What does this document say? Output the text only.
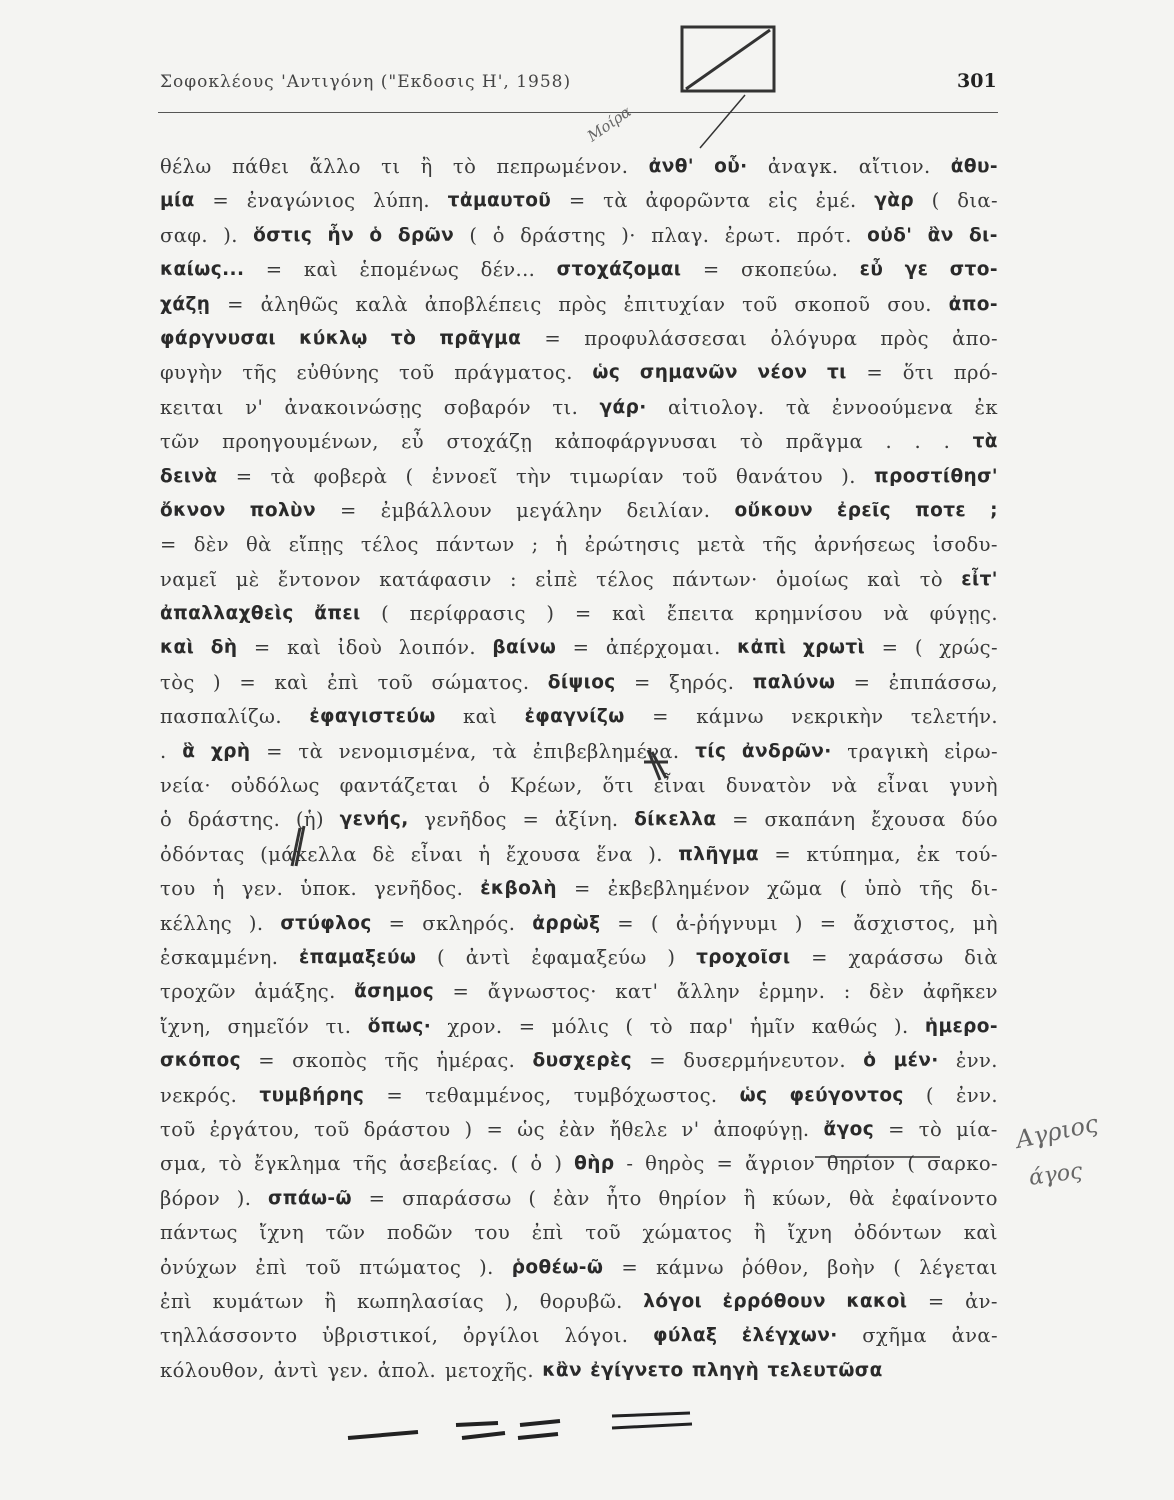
Σοφοκλέους 'Αντιγόνη ("Εκδοσις Η', 1958)	301
θέλω πάθει ἄλλο τι ἢ τὸ πεπρωμένον. ἀνθ' οὗ· ἀναγκ. αἴτιον. ἀθυ-
μία = ἐναγώνιος λύπη. τἀμαυτοῦ = τὰ ἀφορῶντα εἰς ἐμέ. γὰρ ( δια-
σαφ. ). ὅστις ἦν ὁ δρῶν ( ὁ δράστης )· πλαγ. ἐρωτ. πρότ. οὐδ' ἂν δι-
καίως... = καὶ ἑπομένως δέν... στοχάζομαι = σκοπεύω. εὖ γε στο-
χάζῃ = ἀληθῶς καλὰ ἀποβλέπεις πρὸς ἐπιτυχίαν τοῦ σκοποῦ σου. ἀπο-
φάργνυσαι κύκλῳ τὸ πρᾶγμα = προφυλάσσεσαι ὀλόγυρα πρὸς ἀπο-
φυγὴν τῆς εὐθύνης τοῦ πράγματος. ὡς σημανῶν νέον τι = ὅτι πρό-
κειται ν' ἀνακοινώσῃς σοβαρόν τι. γάρ· αἰτιολογ. τὰ ἐννοούμενα ἐκ
τῶν προηγουμένων, εὖ στοχάζῃ κἀποφάργνυσαι τὸ πρᾶγμα . . . τὰ
δεινὰ = τὰ φοβερὰ ( ἐννοεῖ τὴν τιμωρίαν τοῦ θανάτου ). προστίθησ'
ὄκνον πολὺν = ἐμβάλλουν μεγάλην δειλίαν. οὔκουν ἐρεῖς ποτε ;
= δὲν θὰ εἴπῃς τέλος πάντων ; ἡ ἐρώτησις μετὰ τῆς ἀρνήσεως ἰσοδυ-
ναμεῖ μὲ ἔντονον κατάφασιν : εἰπὲ τέλος πάντων· ὁμοίως καὶ τὸ εἶτ'
ἀπαλλαχθεὶς ἄπει ( περίφρασις ) = καὶ ἔπειτα κρημνίσου νὰ φύγῃς.
καὶ δὴ = καὶ ἰδοὺ λοιπόν. βαίνω = ἀπέρχομαι. κἀπὶ χρωτὶ = ( χρώς-
τὸς ) = καὶ ἐπὶ τοῦ σώματος. δίψιος = ξηρός. παλύνω = ἐπιπάσσω,
πασπαλίζω. ἐφαγιστεύω καὶ ἐφαγνίζω = κάμνω νεκρικὴν τελετήν.
. ἃ χρὴ = τὰ νενομισμένα, τὰ ἐπιβεβλημένα. τίς ἀνδρῶν· τραγικὴ εἰρω-
νεία· οὐδόλως φαντάζεται ὁ Κρέων, ὅτι εἶναι δυνατὸν νὰ εἶναι γυνὴ
ὁ δράστης. (ἡ) γενής, γενῆδος = ἀξίνη. δίκελλα = σκαπάνη ἔχουσα δύο
ὀδόντας (μάκελλα δὲ εἶναι ἡ ἔχουσα ἕνα ). πλῆγμα = κτύπημα, ἐκ τού-
του ἡ γεν. ὑποκ. γενῆδος. ἐκβολὴ = ἐκβεβλημένον χῶμα ( ὑπὸ τῆς δι-
κέλλης ). στύφλος = σκληρός. ἀρρὼξ = ( ἀ-ῥήγνυμι ) = ἄσχιστος, μὴ
ἐσκαμμένη. ἐπαμαξεύω ( ἀντὶ ἐφαμαξεύω ) τροχοῖσι = χαράσσω διὰ
τροχῶν ἁμάξης. ἄσημος = ἄγνωστος· κατ' ἄλλην ἑρμην. : δὲν ἀφῆκεν
ἴχνη, σημεῖόν τι. ὅπως· χρον. = μόλις ( τὸ παρ' ἡμῖν καθώς ). ἡμερο-
σκόπος = σκοπὸς τῆς ἡμέρας. δυσχερὲς = δυσερμήνευτον. ὁ μέν· ἐνν.
νεκρός. τυμβήρης = τεθαμμένος, τυμβόχωστος. ὡς φεύγοντος ( ἐνν.
τοῦ ἐργάτου, τοῦ δράστου ) = ὡς ἐὰν ἤθελε ν' ἀποφύγῃ. ἄγος = τὸ μία-
σμα, τὸ ἔγκλημα τῆς ἀσεβείας. ( ὁ ) θὴρ - θηρὸς = ἄγριον θηρίον ( σαρκο-
βόρον ). σπάω-ῶ = σπαράσσω ( ἐὰν ἦτο θηρίον ἢ κύων, θὰ ἐφαίνοντο
πάντως ἴχνη τῶν ποδῶν του ἐπὶ τοῦ χώματος ἢ ἴχνη ὀδόντων καὶ
ὀνύχων ἐπὶ τοῦ πτώματος ). ῥοθέω-ῶ = κάμνω ῥόθον, βοὴν ( λέγεται
ἐπὶ κυμάτων ἢ κωπηλασίας ), θορυβῶ. λόγοι ἐρρόθουν κακοὶ = ἀν-
τηλλάσσοντο ὑβριστικοί, ὀργίλοι λόγοι. φύλαξ ἐλέγχων· σχῆμα ἀνα-
κόλουθον, ἀντὶ γεν. ἀπολ. μετοχῆς. κἂν ἐγίγνετο πληγὴ τελευτῶσα
Μοίρα
Αγριος
άγος
